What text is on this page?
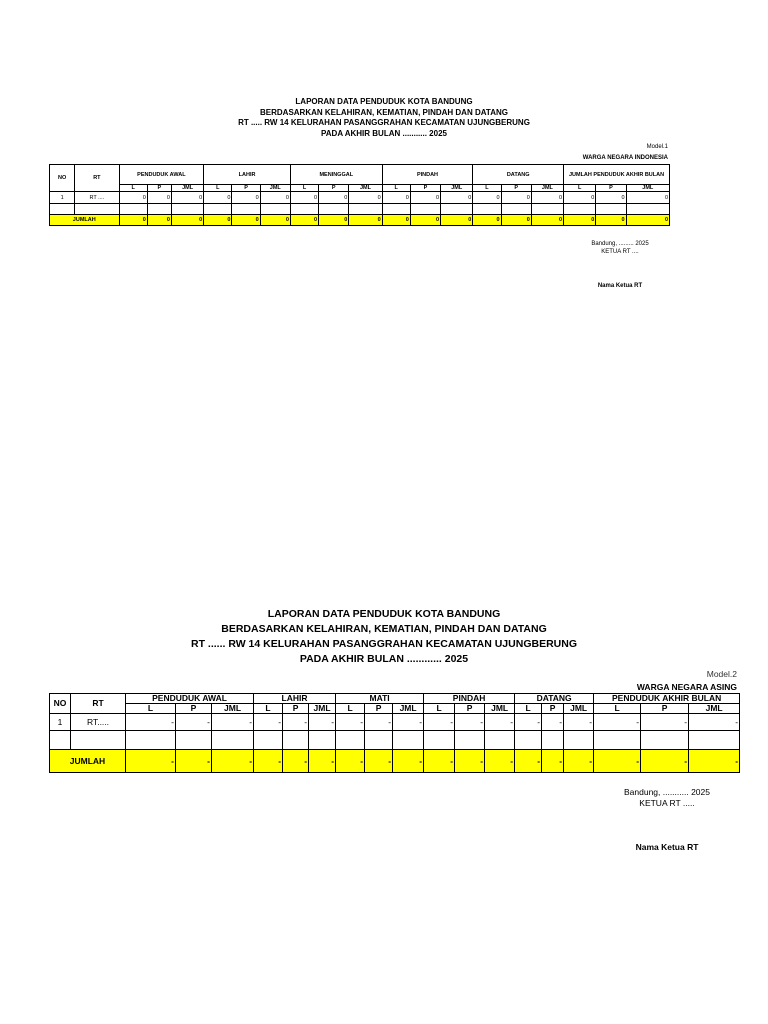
LAPORAN DATA PENDUDUK KOTA BANDUNG
BERDASARKAN KELAHIRAN, KEMATIAN, PINDAH DAN DATANG
RT ..... RW 14 KELURAHAN PASANGGRAHAN KECAMATAN UJUNGBERUNG
PADA AKHIR BULAN ........... 2025
Model.1
WARGA NEGARA INDONESIA
NO	RT	PENDUDUK AWAL			LAHIR			MENINGGAL			PINDAH			DATANG			JUMLAH PENDUDUK AKHIR BULAN		
		L	P	JML	L	P	JML	L	P	JML	L	P	JML	L	P	JML	L	P	JML
1	RT ....	0	0	0	0	0	0	0	0	0	0	0	0	0	0	0	0	0	0

JUMLAH		0	0	0	0	0	0	0	0	0	0	0	0	0	0	0	0	0	0
Bandung, ......... 2025
KETUA RT ....
Nama Ketua RT
LAPORAN DATA PENDUDUK KOTA BANDUNG
BERDASARKAN KELAHIRAN, KEMATIAN, PINDAH DAN DATANG
RT ...... RW 14 KELURAHAN PASANGGRAHAN KECAMATAN UJUNGBERUNG
PADA AKHIR BULAN ............ 2025
Model.2
WARGA NEGARA ASING
NO	RT	PENDUDUK AWAL			LAHIR			MATI			PINDAH			DATANG			PENDUDUK AKHIR BULAN		
		L	P	JML	L	P	JML	L	P	JML	L	P	JML	L	P	JML	L	P	JML
1	RT.....	-	-	-	-	-	-	-	-	-	-	-	-	-	-	-	-	-	-

JUMLAH		-	-	-	-	-	-	-	-	-	-	-	-	-	-	-	-	-	-
Bandung, ........... 2025
KETUA RT .....
Nama Ketua RT
